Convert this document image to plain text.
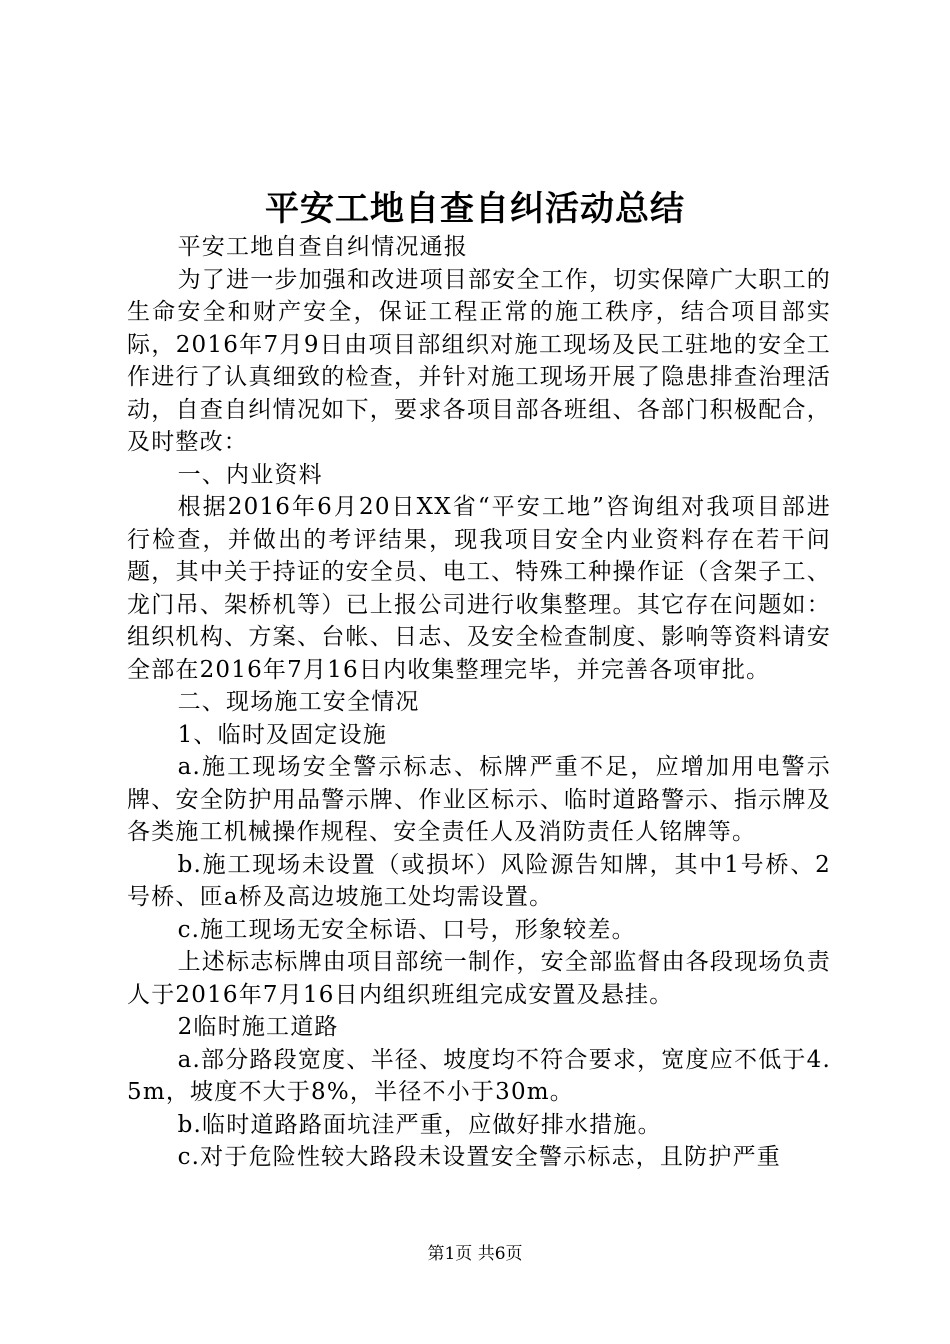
平安工地自查自纠活动总结

平安工地自查自纠情况通报

为了进一步加强和改进项目部安全工作，切实保障广大职工的生命安全和财产安全，保证工程正常的施工秩序，结合项目部实际，2016年7月9日由项目部组织对施工现场及民工驻地的安全工作进行了认真细致的检查，并针对施工现场开展了隐患排查治理活动，自查自纠情况如下，要求各项目部各班组、各部门积极配合，及时整改：

一、内业资料

根据2016年6月20日XX省“平安工地”咨询组对我项目部进行检查，并做出的考评结果，现我项目安全内业资料存在若干问题，其中关于持证的安全员、电工、特殊工种操作证（含架子工、龙门吊、架桥机等）已上报公司进行收集整理。其它存在问题如：组织机构、方案、台帐、日志、及安全检查制度、影响等资料请安全部在2016年7月16日内收集整理完毕，并完善各项审批。

二、现场施工安全情况

1、临时及固定设施

a.施工现场安全警示标志、标牌严重不足，应增加用电警示牌、安全防护用品警示牌、作业区标示、临时道路警示、指示牌及各类施工机械操作规程、安全责任人及消防责任人铭牌等。

b.施工现场未设置（或损坏）风险源告知牌，其中1号桥、2号桥、匝a桥及高边坡施工处均需设置。

c.施工现场无安全标语、口号，形象较差。

上述标志标牌由项目部统一制作，安全部监督由各段现场负责人于2016年7月16日内组织班组完成安置及悬挂。

2临时施工道路

a.部分路段宽度、半径、坡度均不符合要求，宽度应不低于4.5m，坡度不大于8%，半径不小于30m。

b.临时道路路面坑洼严重，应做好排水措施。

c.对于危险性较大路段未设置安全警示标志，且防护严重

第1页 共6页
